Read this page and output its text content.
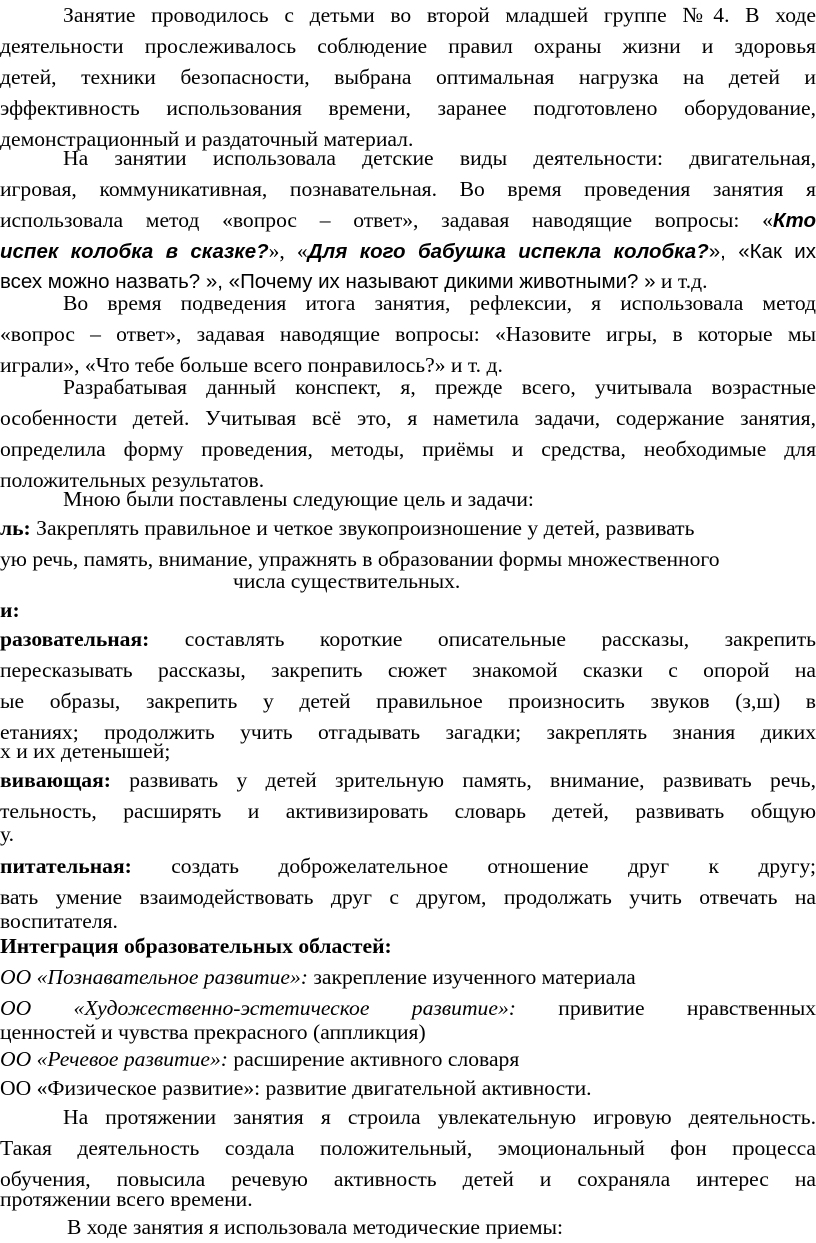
Занятие проводилось с детьми во второй младшей группе №4. В ходе
деятельности прослеживалось соблюдение правил охраны жизни и здоровья
детей, техники безопасности, выбрана оптимальная нагрузка на детей и
эффективность использования времени, заранее подготовлено оборудование,
демонстрационный и раздаточный материал.
На занятии использовала детские виды деятельности: двигательная,
игровая, коммуникативная, познавательная. Во время проведения занятия я
использовала метод «вопрос – ответ», задавая наводящие вопросы: «Кто
испек колобка в сказке?», «Для кого бабушка испекла колобка?», «Как их
всех можно назвать? », «Почему их называют дикими животными? » и т.д.
Во время подведения итога занятия, рефлексии, я использовала метод
«вопрос – ответ», задавая наводящие вопросы: «Назовите игры, в которые мы
играли», «Что тебе больше всего понравилось?» и т. д.
Разрабатывая данный конспект, я, прежде всего, учитывала возрастные
особенности детей. Учитывая всё это, я наметила задачи, содержание занятия,
определила форму проведения, методы, приёмы и средства, необходимые для
положительных результатов.
Мною были поставлены следующие цель и задачи:
ль: Закреплять правильное и четкое звукопроизношение у детей, развивать
ую речь, память, внимание, упражнять в образовании формы множественного
числа существительных.
и:
разовательная: составлять короткие описательные рассказы, закрепить
пересказывать рассказы, закрепить сюжет знакомой сказки с опорой на
ые образы, закрепить у детей правильное произносить звуков (з,ш) в
етаниях; продолжить учить отгадывать загадки; закреплять знания диких
х и их детенышей;
вивающая: развивать у детей зрительную память, внимание, развивать речь,
тельность, расширять и активизировать словарь детей, развивать общую
у.
питательная: создать доброжелательное отношение друг к другу;
вать умение взаимодействовать друг с другом, продолжать учить отвечать на
воспитателя.
Интеграция образовательных областей:
ОО «Познавательное развитие»: закрепление изученного материала
ОО «Художественно-эстетическое развитие»: привитие нравственных
ценностей и чувства прекрасного (аппликция)
ОО «Речевое развитие»: расширение активного словаря
ОО «Физическое развитие»: развитие двигательной активности.
На протяжении занятия я строила увлекательную игровую деятельность.
Такая деятельность создала положительный, эмоциональный фон процесса
обучения, повысила речевую активность детей и сохраняла интерес на
протяжении всего времени.
В ходе занятия я использовала методические приемы:
